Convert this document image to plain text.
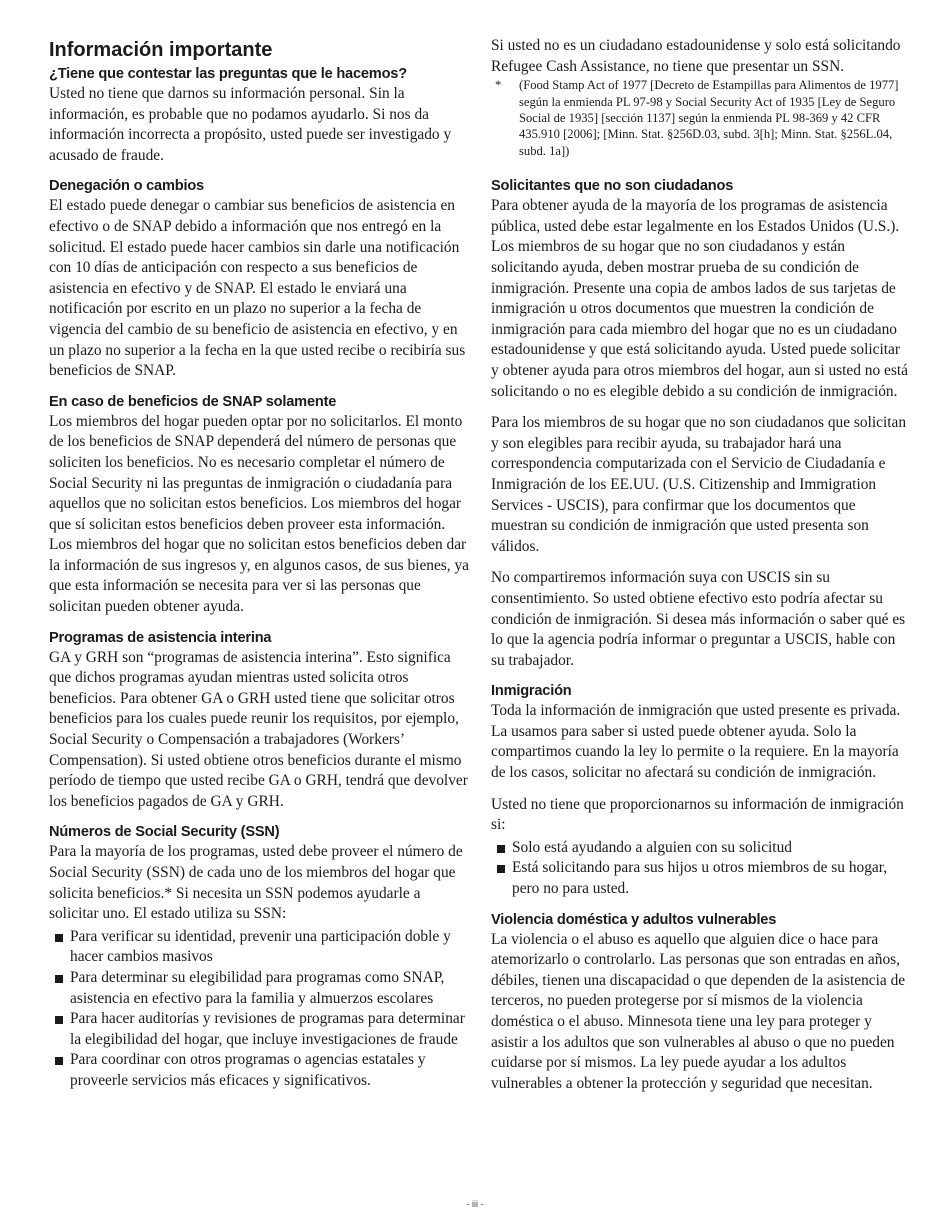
Información importante
¿Tiene que contestar las preguntas que le hacemos?

Usted no tiene que darnos su información personal. Sin la información, es probable que no podamos ayudarlo. Si nos da información incorrecta a propósito, usted puede ser investigado y acusado de fraude.

Denegación o cambios

El estado puede denegar o cambiar sus beneficios de asistencia en efectivo o de SNAP debido a información que nos entregó en la solicitud. El estado puede hacer cambios sin darle una notificación con 10 días de anticipación con respecto a sus beneficios de asistencia en efectivo y de SNAP. El estado le enviará una notificación por escrito en un plazo no superior a la fecha de vigencia del cambio de su beneficio de asistencia en efectivo, y en un plazo no superior a la fecha en la que usted recibe o recibiría sus beneficios de SNAP.

En caso de beneficios de SNAP solamente

Los miembros del hogar pueden optar por no solicitarlos. El monto de los beneficios de SNAP dependerá del número de personas que soliciten los beneficios. No es necesario completar el número de Social Security ni las preguntas de inmigración o ciudadanía para aquellos que no solicitan estos beneficios. Los miembros del hogar que sí solicitan estos beneficios deben proveer esta información. Los miembros del hogar que no solicitan estos beneficios deben dar la información de sus ingresos y, en algunos casos, de sus bienes, ya que esta información se necesita para ver si las personas que solicitan pueden obtener ayuda.

Programas de asistencia interina

GA y GRH son “programas de asistencia interina”. Esto significa que dichos programas ayudan mientras usted solicita otros beneficios. Para obtener GA o GRH usted tiene que solicitar otros beneficios para los cuales puede reunir los requisitos, por ejemplo, Social Security o Compensación a trabajadores (Workers’ Compensation). Si usted obtiene otros beneficios durante el mismo período de tiempo que usted recibe GA o GRH, tendrá que devolver los beneficios pagados de GA y GRH.

Números de Social Security (SSN)

Para la mayoría de los programas, usted debe proveer el número de Social Security (SSN) de cada uno de los miembros del hogar que solicita beneficios.* Si necesita un SSN podemos ayudarle a solicitar uno. El estado utiliza su SSN:

Para verificar su identidad, prevenir una participación doble y hacer cambios masivos
Para determinar su elegibilidad para programas como SNAP, asistencia en efectivo para la familia y almuerzos escolares
Para hacer auditorías y revisiones de programas para determinar la elegibilidad del hogar, que incluye investigaciones de fraude
Para coordinar con otros programas o agencias estatales y proveerle servicios más eficaces y significativos.

Si usted no es un ciudadano estadounidense y solo está solicitando Refugee Cash Assistance, no tiene que presentar un SSN.

* (Food Stamp Act of 1977 [Decreto de Estampillas para Alimentos de 1977] según la enmienda PL 97-98 y Social Security Act of 1935 [Ley de Seguro Social de 1935] [sección 1137] según la enmienda PL 98-369 y 42 CFR 435.910 [2006]; [Minn. Stat. §256D.03, subd. 3[h]; Minn. Stat. §256L.04, subd. 1a])

Solicitantes que no son ciudadanos

Para obtener ayuda de la mayoría de los programas de asistencia pública, usted debe estar legalmente en los Estados Unidos (U.S.). Los miembros de su hogar que no son ciudadanos y están solicitando ayuda, deben mostrar prueba de su condición de inmigración. Presente una copia de ambos lados de sus tarjetas de inmigración u otros documentos que muestren la condición de inmigración para cada miembro del hogar que no es un ciudadano estadounidense y que está solicitando ayuda. Usted puede solicitar y obtener ayuda para otros miembros del hogar, aun si usted no está solicitando o no es elegible debido a su condición de inmigración.

Para los miembros de su hogar que no son ciudadanos que solicitan y son elegibles para recibir ayuda, su trabajador hará una correspondencia computarizada con el Servicio de Ciudadanía e Inmigración de los EE.UU. (U.S. Citizenship and Immigration Services - USCIS), para confirmar que los documentos que muestran su condición de inmigración que usted presenta son válidos.

No compartiremos información suya con USCIS sin su consentimiento. So usted obtiene efectivo esto podría afectar su condición de inmigración. Si desea más información o saber qué es lo que la agencia podría informar o preguntar a USCIS, hable con su trabajador.

Inmigración

Toda la información de inmigración que usted presente es privada. La usamos para saber si usted puede obtener ayuda. Solo la compartimos cuando la ley lo permite o la requiere. En la mayoría de los casos, solicitar no afectará su condición de inmigración.

Usted no tiene que proporcionarnos su información de inmigración si:

Solo está ayudando a alguien con su solicitud
Está solicitando para sus hijos u otros miembros de su hogar, pero no para usted.
Violencia doméstica y adultos vulnerables

La violencia o el abuso es aquello que alguien dice o hace para atemorizarlo o controlarlo. Las personas que son entradas en años, débiles, tienen una discapacidad o que dependen de la asistencia de terceros, no pueden protegerse por sí mismos de la violencia doméstica o el abuso. Minnesota tiene una ley para proteger y asistir a los adultos que son vulnerables al abuso o que no pueden cuidarse por sí mismos. La ley puede ayudar a los adultos vulnerables a obtener la protección y seguridad que necesitan.

- iii -
